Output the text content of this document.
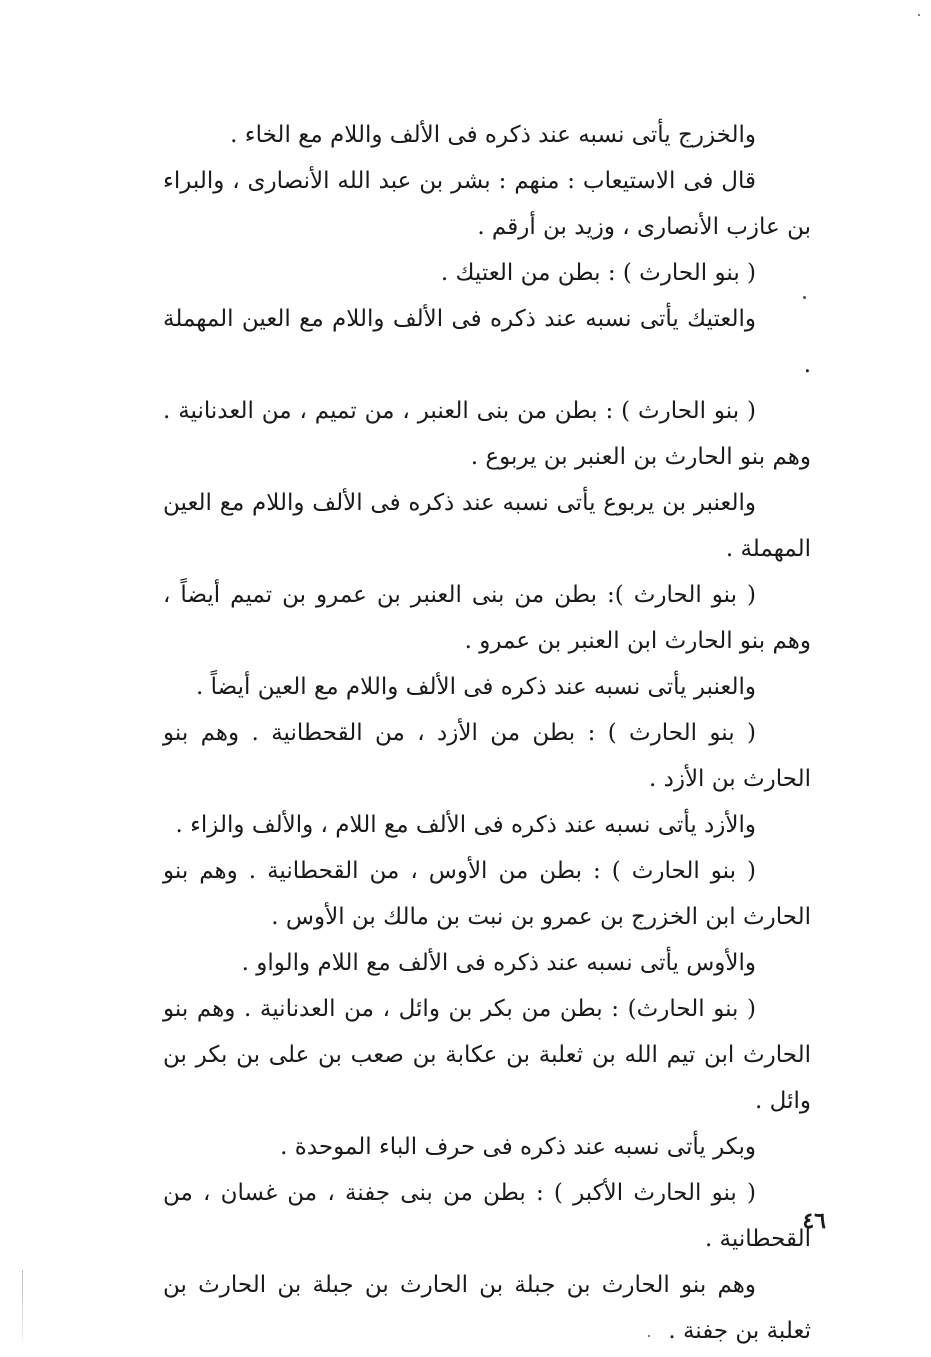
والخزرج يأتى نسبه عند ذكره فى الألف واللام مع الخاء .

قال فى الاستيعاب : منهم : بشر بن عبد الله الأنصارى ، والبراء بن عازب الأنصارى ، وزيد بن أرقم .

( بنو الحارث ) : بطن من العتيك .

والعتيك يأتى نسبه عند ذكره فى الألف واللام مع العين المهملة .

( بنو الحارث ) : بطن من بنى العنبر ، من تميم ، من العدنانية . وهم بنو الحارث بن العنبر بن يربوع .

والعنبر بن يربوع يأتى نسبه عند ذكره فى الألف واللام مع العين المهملة .

( بنو الحارث ): بطن من بنى العنبر بن عمرو بن تميم أيضاً ، وهم بنو الحارث ابن العنبر بن عمرو .

والعنبر يأتى نسبه عند ذكره فى الألف واللام مع العين أيضاً .

( بنو الحارث ) : بطن من الأزد ، من القحطانية . وهم بنو الحارث بن الأزد .

والأزد يأتى نسبه عند ذكره فى الألف مع اللام ، والألف والزاء .

( بنو الحارث ) : بطن من الأوس ، من القحطانية . وهم بنو الحارث ابن الخزرج بن عمرو بن نبت بن مالك بن الأوس .

والأوس يأتى نسبه عند ذكره فى الألف مع اللام والواو .

( بنو الحارث) : بطن من بكر بن وائل ، من العدنانية . وهم بنو الحارث ابن تيم الله بن ثعلبة بن عكابة بن صعب بن على بن بكر بن وائل .

وبكر يأتى نسبه عند ذكره فى حرف الباء الموحدة .

( بنو الحارث الأكبر ) : بطن من بنى جفنة ، من غسان ، من القحطانية .

وهم بنو الحارث بن جبلة بن الحارث بن جبلة بن الحارث بن ثعلبة بن جفنة .

٤٦
